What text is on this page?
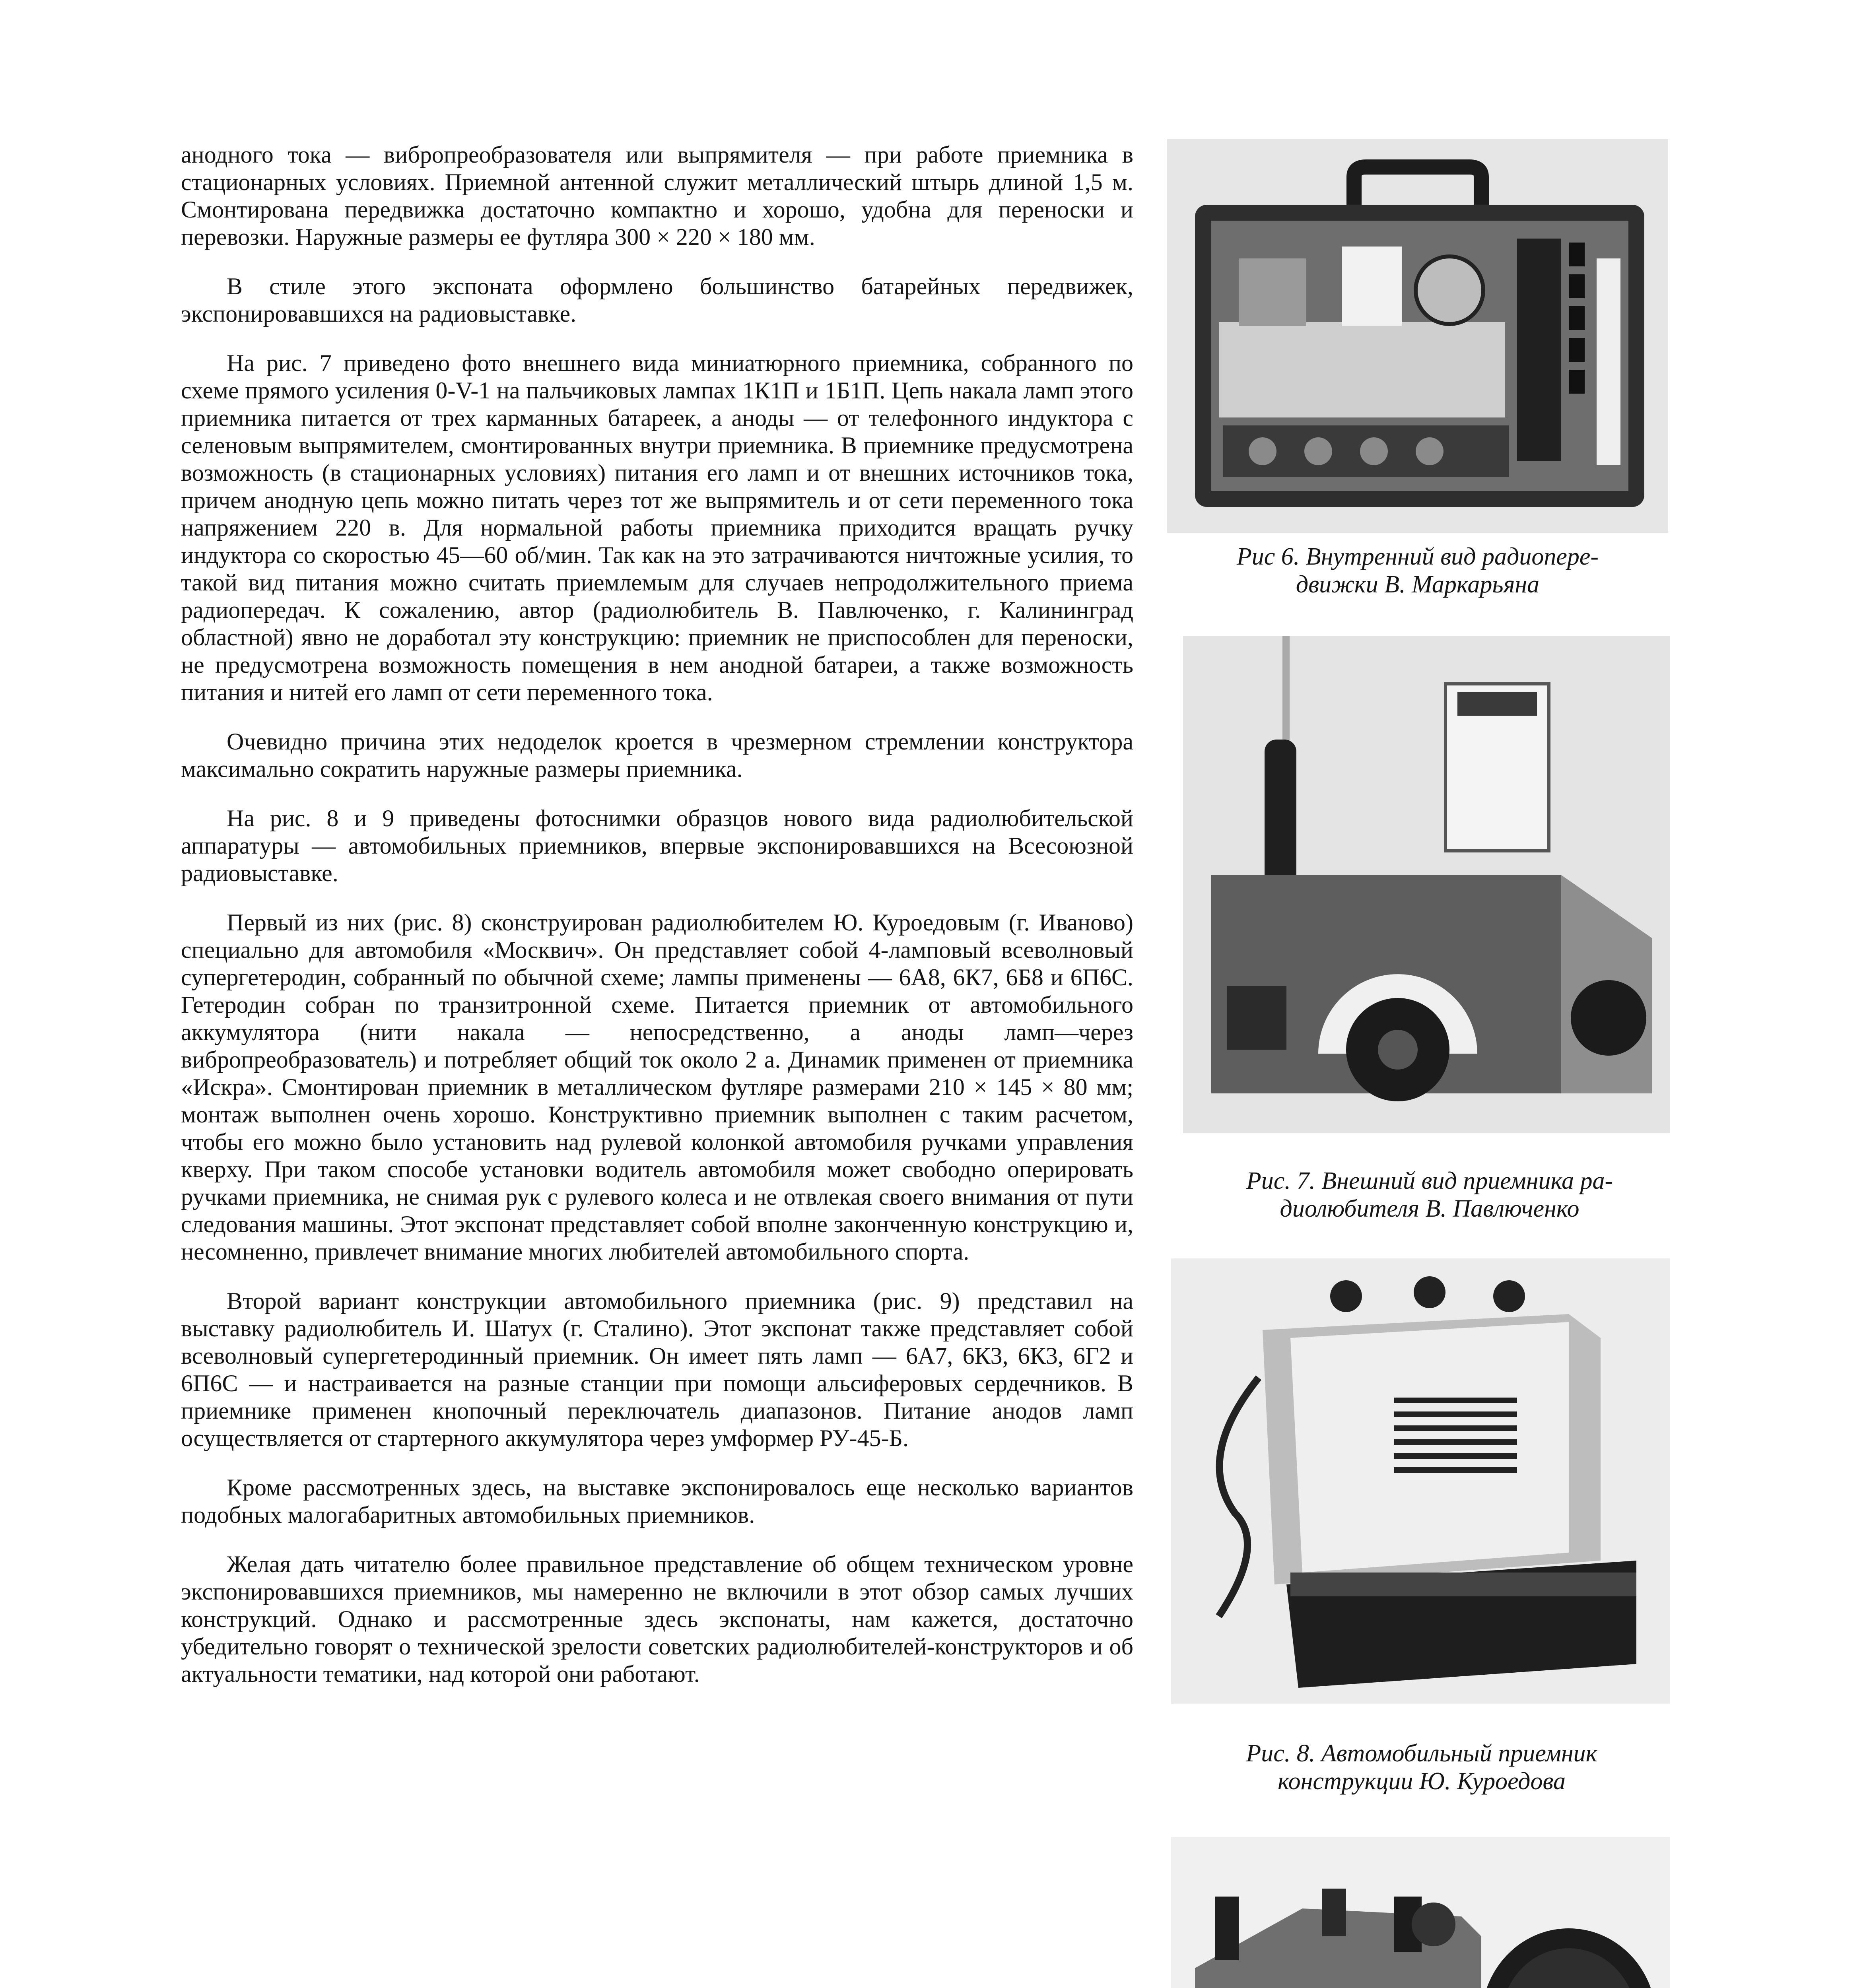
анодного тока — вибропреобразователя или выпрямителя — при работе приемника в стационарных условиях. Приемной антенной служит металлический штырь длиной 1,5 м. Смонтирована передвижка достаточно компактно и хорошо, удобна для переноски и перевозки. Наружные размеры ее футляра 300 × 220 × 180 мм.

В стиле этого экспоната оформлено большинство батарейных передвижек, экспонировавшихся на радиовыставке.

На рис. 7 приведено фото внешнего вида миниатюрного приемника, собранного по схеме прямого усиления 0-V-1 на пальчиковых лампах 1К1П и 1Б1П. Цепь накала ламп этого приемника питается от трех карманных батареек, а аноды — от телефонного индуктора с селеновым выпрямителем, смонтированных внутри приемника. В приемнике предусмотрена возможность (в стационарных условиях) питания его ламп и от внешних источников тока, причем анодную цепь можно питать через тот же выпрямитель и от сети переменного тока напряжением 220 в. Для нормальной работы приемника приходится вращать ручку индуктора со скоростью 45—60 об/мин. Так как на это затрачиваются ничтожные усилия, то такой вид питания можно считать приемлемым для случаев непродолжительного приема радиопередач. К сожалению, автор (радиолюбитель В. Павлюченко, г. Калининград областной) явно не доработал эту конструкцию: приемник не приспособлен для переноски, не предусмотрена возможность помещения в нем анодной батареи, а также возможность питания и нитей его ламп от сети переменного тока.

Очевидно причина этих недоделок кроется в чрезмерном стремлении конструктора максимально сократить наружные размеры приемника.

На рис. 8 и 9 приведены фотоснимки образцов нового вида радиолюбительской аппаратуры — автомобильных приемников, впервые экспонировавшихся на Всесоюзной радиовыставке.

Первый из них (рис. 8) сконструирован радиолюбителем Ю. Куроедовым (г. Иваново) специально для автомобиля «Москвич». Он представляет собой 4-ламповый всеволновый супергетеродин, собранный по обычной схеме; лампы применены — 6А8, 6К7, 6Б8 и 6П6С. Гетеродин собран по транзитронной схеме. Питается приемник от автомобильного аккумулятора (нити накала — непосредственно, а аноды ламп—через вибропреобразователь) и потребляет общий ток около 2 а. Динамик применен от приемника «Искра». Смонтирован приемник в металлическом футляре размерами 210 × 145 × 80 мм; монтаж выполнен очень хорошо. Конструктивно приемник выполнен с таким расчетом, чтобы его можно было установить над рулевой колонкой автомобиля ручками управления кверху. При таком способе установки водитель автомобиля может свободно оперировать ручками приемника, не снимая рук с рулевого колеса и не отвлекая своего внимания от пути следования машины. Этот экспонат представляет собой вполне законченную конструкцию и, несомненно, привлечет внимание многих любителей автомобильного спорта.

Второй вариант конструкции автомобильного приемника (рис. 9) представил на выставку радиолюбитель И. Шатух (г. Сталино). Этот экспонат также представляет собой всеволновый супергетеродинный приемник. Он имеет пять ламп — 6А7, 6К3, 6К3, 6Г2 и 6П6С — и настраивается на разные станции при помощи альсиферовых сердечников. В приемнике применен кнопочный переключатель диапазонов. Питание анодов ламп осуществляется от стартерного аккумулятора через умформер РУ-45-Б.

Кроме рассмотренных здесь, на выставке экспонировалось еще несколько вариантов подобных малогабаритных автомобильных приемников.

Желая дать читателю более правильное представление об общем техническом уровне экспонировавшихся приемников, мы намеренно не включили в этот обзор самых лучших конструкций. Однако и рассмотренные здесь экспонаты, нам кажется, достаточно убедительно говорят о технической зрелости советских радиолюбителей-конструкторов и об актуальности тематики, над которой они работают.

Рис 6. Внутренний вид радиопере-
движки В. Маркарьяна
Рис. 7. Внешний вид приемника ра-
диолюбителя В. Павлюченко
Рис. 8. Автомобильный приемник
конструкции Ю. Куроедова
